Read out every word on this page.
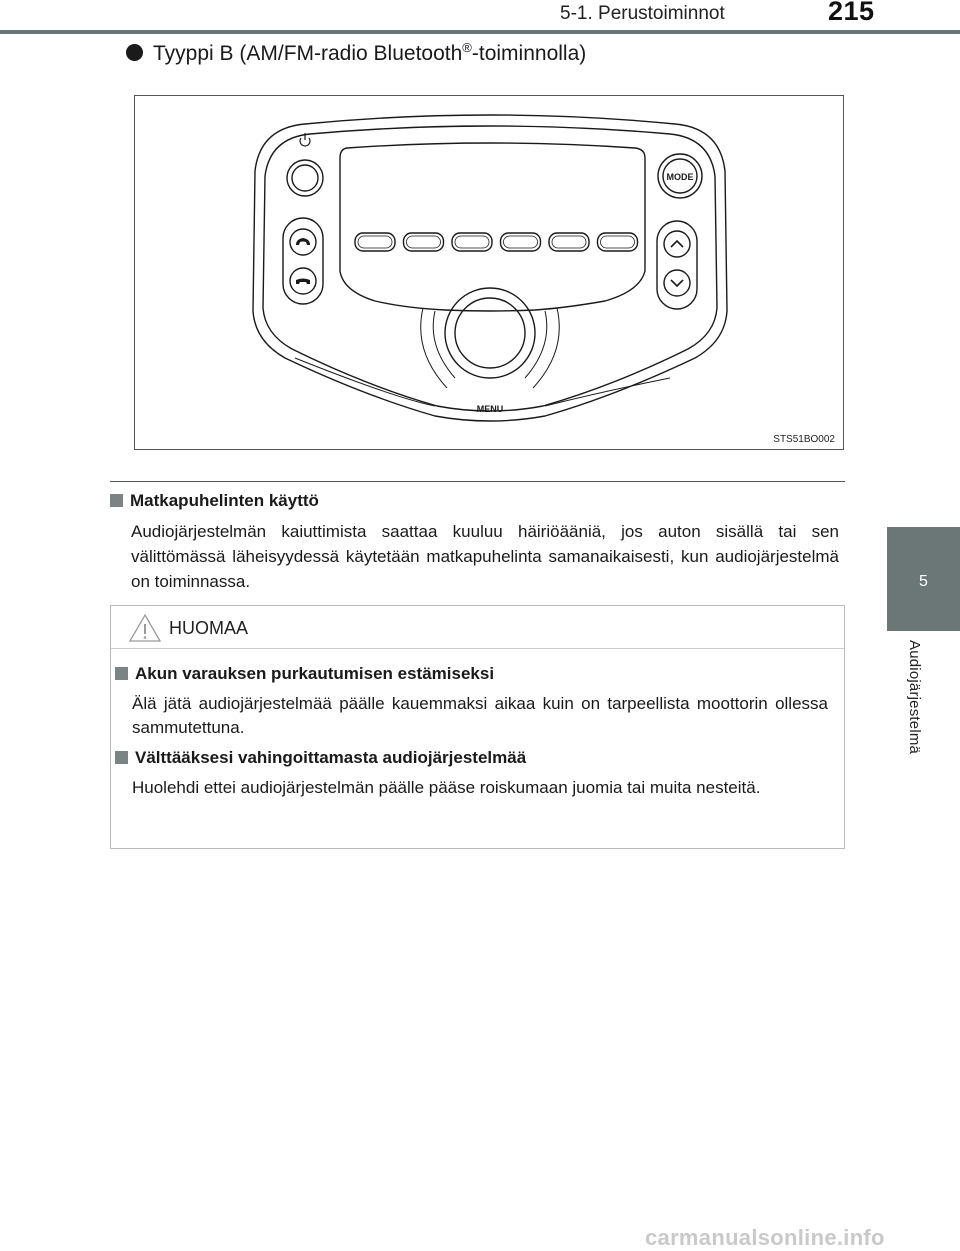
5-1. Perustoiminnot	215
5
Audiojärjestelmä
Tyyppi B (AM/FM-radio Bluetooth®-toiminnolla)
MODE
MENU
STS51BO002
Matkapuhelinten käyttö
Audiojärjestelmän kaiuttimista saattaa kuuluu häiriöääniä, jos auton sisällä tai sen välittömässä läheisyydessä käytetään matkapuhelinta samanaikaisesti, kun audiojärjestelmä on toiminnassa.
HUOMAA
Akun varauksen purkautumisen estämiseksi
Älä jätä audiojärjestelmää päälle kauemmaksi aikaa kuin on tarpeellista moottorin ollessa sammutettuna.
Välttääksesi vahingoittamasta audiojärjestelmää
Huolehdi ettei audiojärjestelmän päälle pääse roiskumaan juomia tai muita nesteitä.
carmanualsonline.info
